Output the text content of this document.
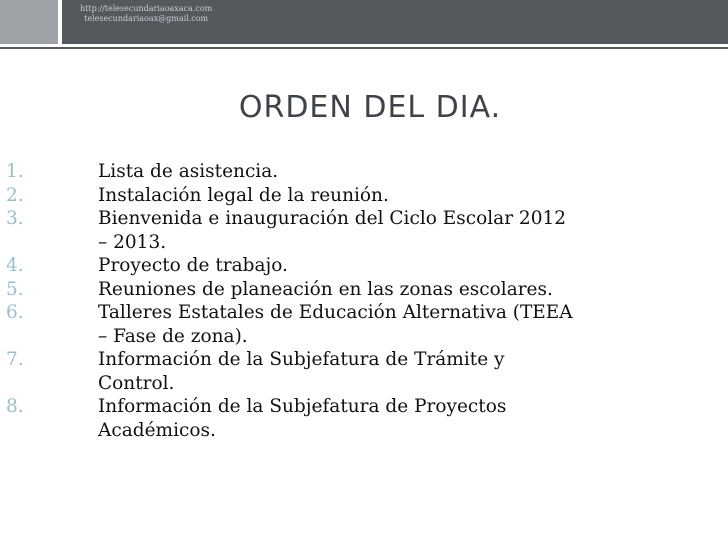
http://telesecundariaoaxaca.com
telesecundariaoax@gmail.com
ORDEN DEL DIA.
1.	Lista de asistencia.
2.	Instalación legal de la reunión.
3.	Bienvenida e inauguración del Ciclo Escolar 2012
– 2013.
4.	Proyecto de trabajo.
5.	Reuniones de planeación en las zonas escolares.
6.	Talleres Estatales de Educación Alternativa (TEEA
– Fase de zona).
7.	Información de la Subjefatura de Trámite y
Control.
8.	Información de la Subjefatura de Proyectos
Académicos.
